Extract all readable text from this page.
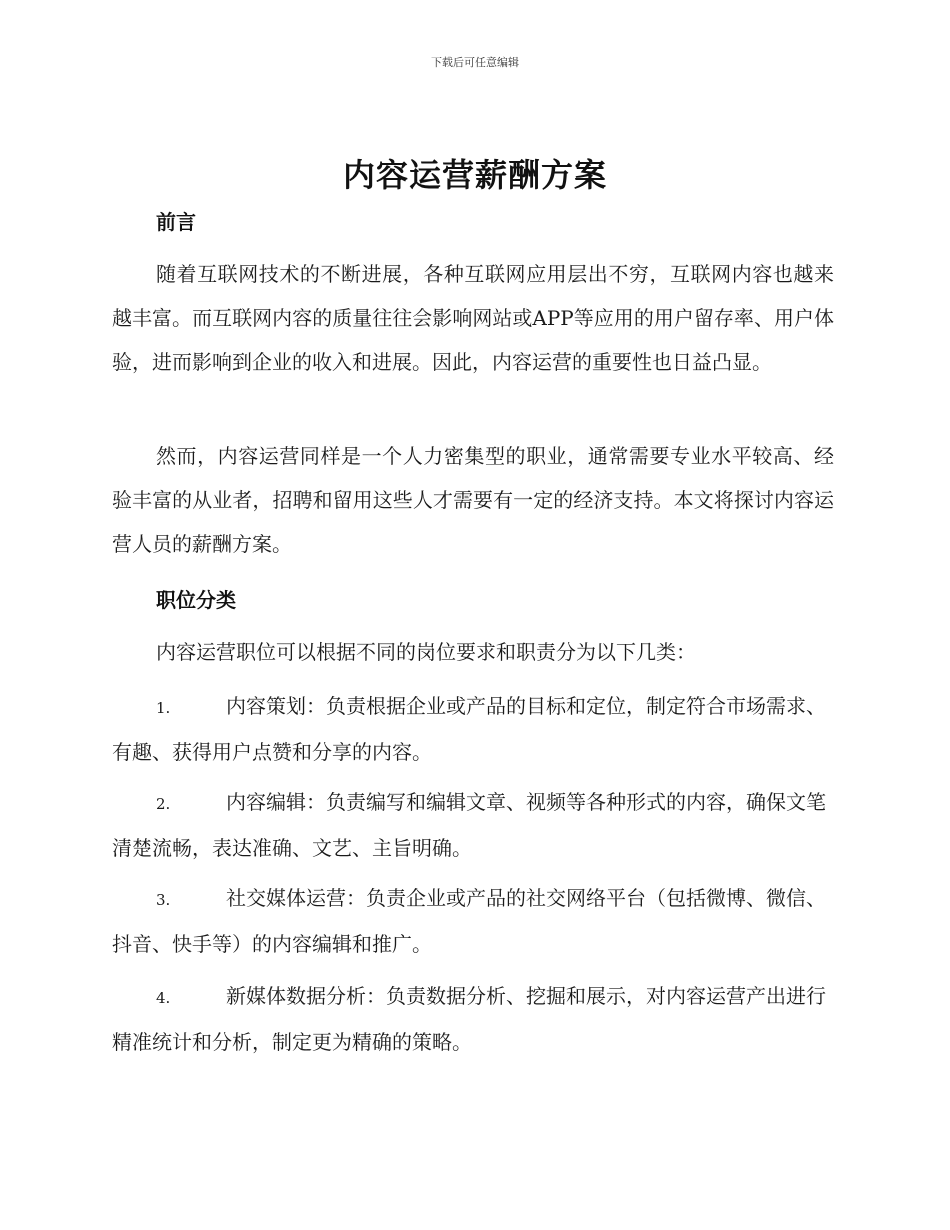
下载后可任意编辑
内容运营薪酬方案
前言
随着互联网技术的不断进展，各种互联网应用层出不穷，互联网内容也越来越丰富。而互联网内容的质量往往会影响网站或APP等应用的用户留存率、用户体验，进而影响到企业的收入和进展。因此，内容运营的重要性也日益凸显。
然而，内容运营同样是一个人力密集型的职业，通常需要专业水平较高、经验丰富的从业者，招聘和留用这些人才需要有一定的经济支持。本文将探讨内容运营人员的薪酬方案。
职位分类
内容运营职位可以根据不同的岗位要求和职责分为以下几类：
1.	内容策划：负责根据企业或产品的目标和定位，制定符合市场需求、有趣、获得用户点赞和分享的内容。
2.	内容编辑：负责编写和编辑文章、视频等各种形式的内容，确保文笔清楚流畅，表达准确、文艺、主旨明确。
3.	社交媒体运营：负责企业或产品的社交网络平台（包括微博、微信、抖音、快手等）的内容编辑和推广。
4.	新媒体数据分析：负责数据分析、挖掘和展示，对内容运营产出进行精准统计和分析，制定更为精确的策略。
